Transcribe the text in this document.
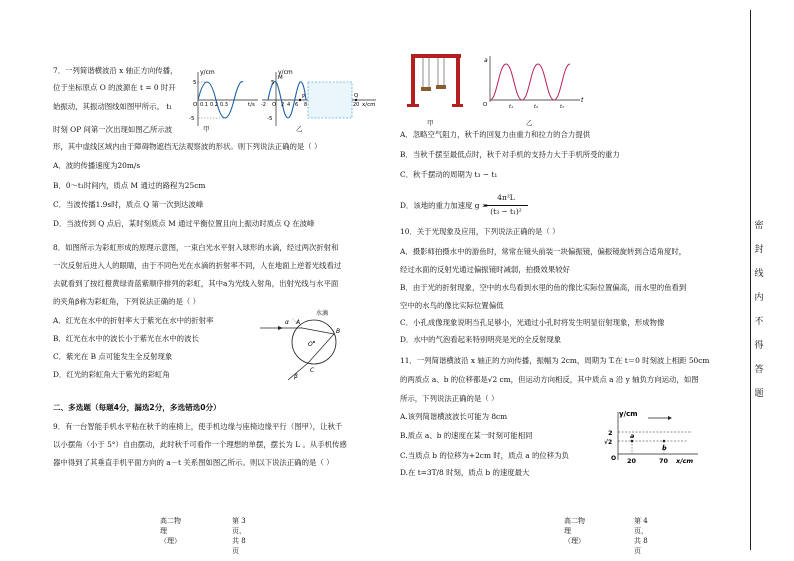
7．一列简谐横波沿 x 轴正方向传播，
位于坐标原点 O 的波源在 t = 0 时开
始振动，其振动图线如图甲所示。 t₁
时刻 OP 间第一次出现如图乙所示波
形，其中虚线区域内由于障碍物遮挡无法观察波的形状。则下列说法正确的是（ ）
y/cm
5
-5
O 0.1 0.2 0.3	t/s
甲
y/cm
5
-5
M
P	Q
-2 O 2 4 6 8	20 x/cm
乙
A．波的传播速度为20m/s
B．0～t₁时间内，质点 M 通过的路程为25cm
C．当波传播1.9s时，质点 Q 第一次到达波峰
D．当波传到 Q 点后，某时刻质点 M 通过平衡位置且向上振动时质点 Q 在波峰
8．如图所示为彩虹形成的原理示意图，一束白光水平射入球形的水滴，经过两次折射和
一次反射后进入人的眼睛，由于不同色光在水滴的折射率不同，人在地面上逆着光线看过
去就看到了按红橙黄绿青蓝紫顺序排列的彩虹，其中a为光线入射角，出射光线与水平面
的夹角β称为彩虹角，下列说法正确的是（ ）
A．红光在水中的折射率大于紫光在水中的折射率
B．红光在水中的波长小于紫光在水中的波长
C．紫光在 B 点可能发生全反射现象
D．红光的彩虹角大于紫光的彩虹角
水滴
α A
B
O
C
β
二、多选题（每题4分，漏选2分，多选错选0分）
9．有一台智能手机水平粘在秋千的座椅上，使手机边缘与座椅边缘平行（图甲），让秋千
以小摆角（小于 5°）自由摆动，此时秋千可看作一个理想的单摆，摆长为 L 。从手机传感
器中得到了其垂直手机平面方向的 a－t 关系图如图乙所示。则以下说法正确的是（ ）
高二物理（理）
第 3 页，共 8 页
甲
a
t
O	t₁	t₂	t₃
乙
A．忽略空气阻力，秋千的回复力由重力和拉力的合力提供
B．当秋千摆至最低点时，秋千对手机的支持力大于手机所受的重力
C．秋千摆动的周期为 t₃ − t₁
D．该地的重力加速度 g =
4π²L
(t₃ − t₁)²
10．关于光现象及应用，下列说法正确的是（ ）
A．摄影师拍摄水中的游鱼时，常常在镜头前装一块偏振镜，偏振镜旋转到合适角度时，
经过水面的反射光通过偏振镜时减弱，拍摄效果较好
B．由于光的折射现象，空中的水鸟看到水里的鱼的像比实际位置偏高，而水里的鱼看到
空中的水鸟的像比实际位置偏低
C．小孔成像现象说明当孔足够小，光通过小孔时将发生明显衍射现象，形成物像
D．水中的气泡看起来特别明亮是光的全反射现象
11．一列简谐横波沿 x 轴正的方向传播，振幅为 2cm，周期为 T.在 t＝0 时刻波上相距 50cm
的两质点 a、b 的位移都是√2 cm，但运动方向相反，其中质点 a 沿 y 轴负方向运动，如图
所示，下列说法正确的是（ ）
A.该列简谐横波波长可能为 8cm
B.质点 a、b 的速度在某一时刻可能相同
C.当质点 b 的位移为+2cm 时，质点 a 的位移为负
D.在 t=3T/8 时刻，质点 b 的速度最大
y/cm
2
√2
a
b
O 20	70 x/cm
高二物理（理）
第 4 页，共 8 页
密
封
线
内
不
得
答
题
